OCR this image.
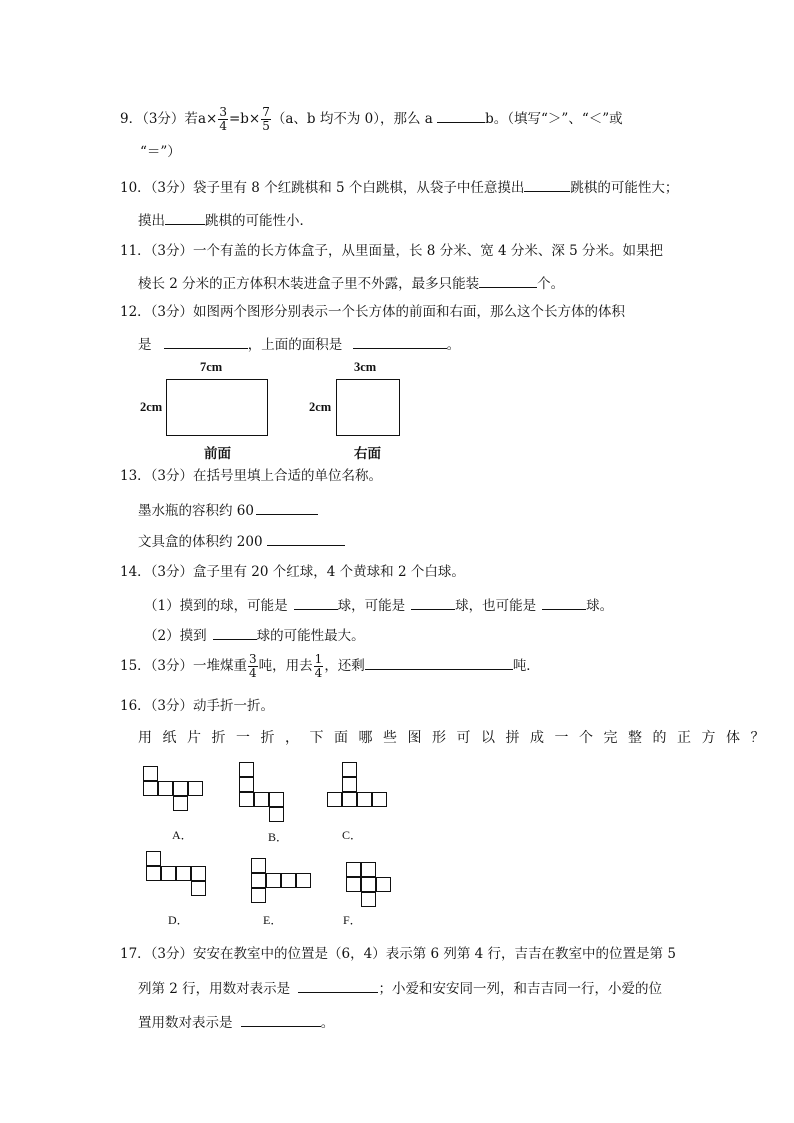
9．（3分）若$a\times \frac{3}{4} =b\times \frac{7}{5} (a$、b 均不为 0），那么 a	b。（填写“＞”、“＜”或
“＝”）
10．（3分）袋子里有 8 个红跳棋和 5 个白跳棋，从袋子中任意摸出	跳棋的可能性大；
摸出	跳棋的可能性小．
11．（3分）一个有盖的长方体盒子，从里面量，长 8 分米、宽 4 分米、深 5 分米。如果把
棱长 2 分米的正方体积木装进盒子里不外露，最多只能装	个。
12．（3分）如图两个图形分别表示一个长方体的前面和右面，那么这个长方体的体积
是	，上面的面积是	。
7cm
2cm
前面
3cm
2cm
右面
13．（3分）在括号里填上合适的单位名称。
墨水瓶的容积约 60
文具盒的体积约 200
14．（3分）盒子里有 20 个红球，4 个黄球和 2 个白球。
（1）摸到的球，可能是	球，可能是	球，也可能是	球。
（2）摸到	球的可能性最大。
15．（3分）一堆煤重 $\frac{3}{4}$ 吨，用去 $\frac{1}{4}$ ，还剩	吨．
16．（3分）动手折一折。
用纸片折一折，下面哪些图形可以拼成一个完整的正方体？
A．	B．	C．
D．	E．	F．
17．（3分）安安在教室中的位置是（6，4）表示第 6 列第 4 行，吉吉在教室中的位置是第 5
列第 2 行，用数对表示是	；小爱和安安同一列，和吉吉同一行，小爱的位
置用数对表示是	。
